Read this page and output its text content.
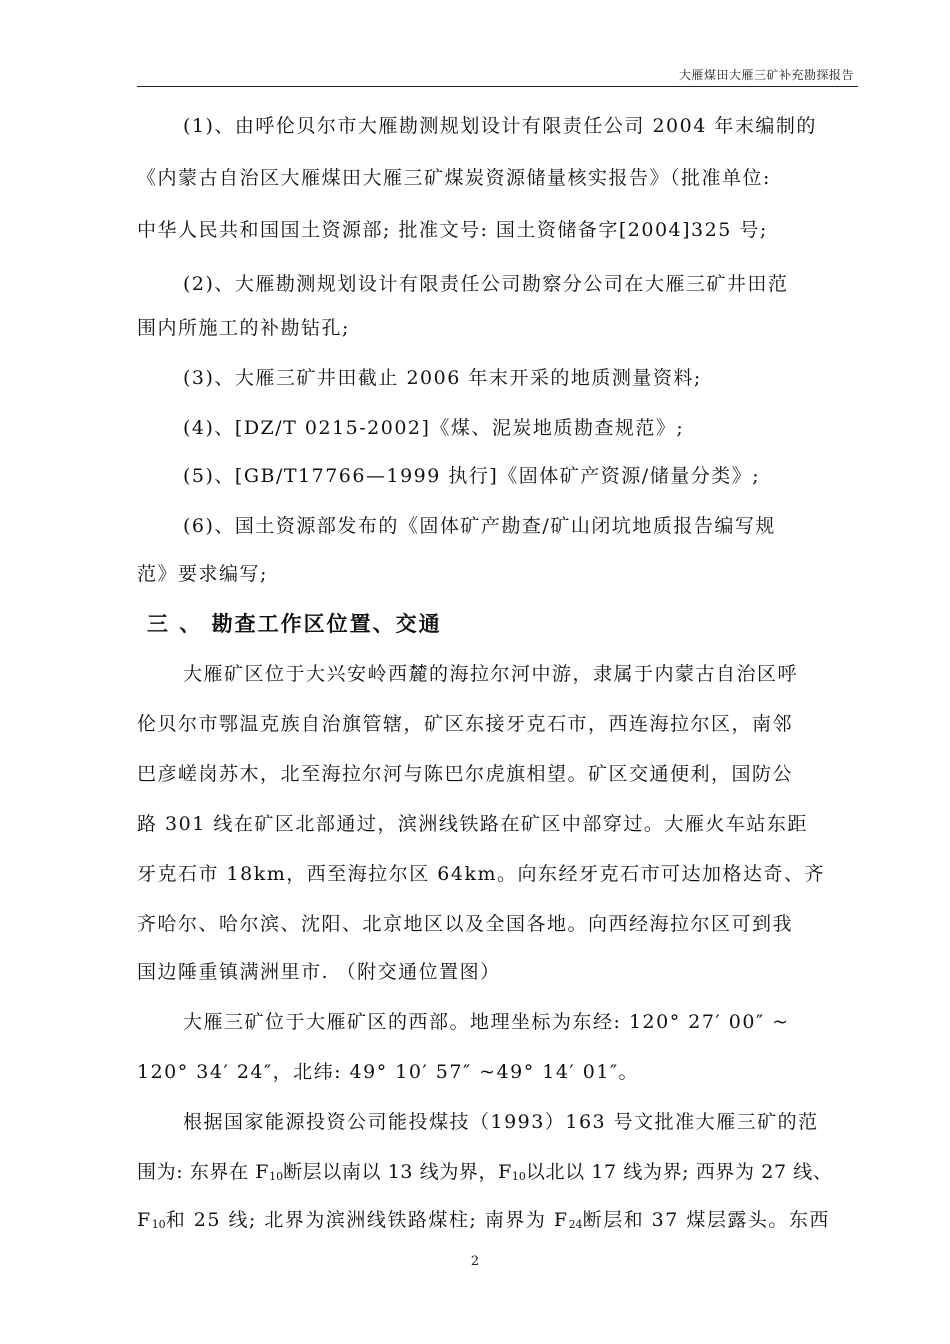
大雁煤田大雁三矿补充勘探报告

(1)、由呼伦贝尔市大雁勘测规划设计有限责任公司 2004 年末编制的

《内蒙古自治区大雁煤田大雁三矿煤炭资源储量核实报告》（批准单位:

中华人民共和国国土资源部; 批准文号: 国土资储备字[2004]325 号;

(2)、大雁勘测规划设计有限责任公司勘察分公司在大雁三矿井田范

围内所施工的补勘钻孔;

(3)、大雁三矿井田截止 2006 年末开采的地质测量资料;

(4)、[DZ/T 0215-2002]《煤、泥炭地质勘查规范》;

(5)、[GB/T17766—1999 执行]《固体矿产资源/储量分类》;

(6)、国土资源部发布的《固体矿产勘查/矿山闭坑地质报告编写规

范》要求编写;

三 、 勘查工作区位置、交通

大雁矿区位于大兴安岭西麓的海拉尔河中游，隶属于内蒙古自治区呼

伦贝尔市鄂温克族自治旗管辖，矿区东接牙克石市，西连海拉尔区，南邻

巴彦嵯岗苏木，北至海拉尔河与陈巴尔虎旗相望。矿区交通便利，国防公

路 301 线在矿区北部通过，滨洲线铁路在矿区中部穿过。大雁火车站东距

牙克石市 18km，西至海拉尔区 64km。向东经牙克石市可达加格达奇、齐

齐哈尔、哈尔滨、沈阳、北京地区以及全国各地。向西经海拉尔区可到我

国边陲重镇满洲里市. （附交通位置图）

大雁三矿位于大雁矿区的西部。地理坐标为东经: 120° 27′ 00″ ~

120° 34′ 24″，北纬: 49° 10′ 57″ ~49° 14′ 01″。

根据国家能源投资公司能投煤技（1993）163 号文批准大雁三矿的范

围为: 东界在 $F_{10}$断层以南以 13 线为界，$F_{10}$以北以 17 线为界; 西界为 27 线、

$F_{10}$和 25 线; 北界为滨洲线铁路煤柱; 南界为 $F_{24}$断层和 37 煤层露头。东西

2
